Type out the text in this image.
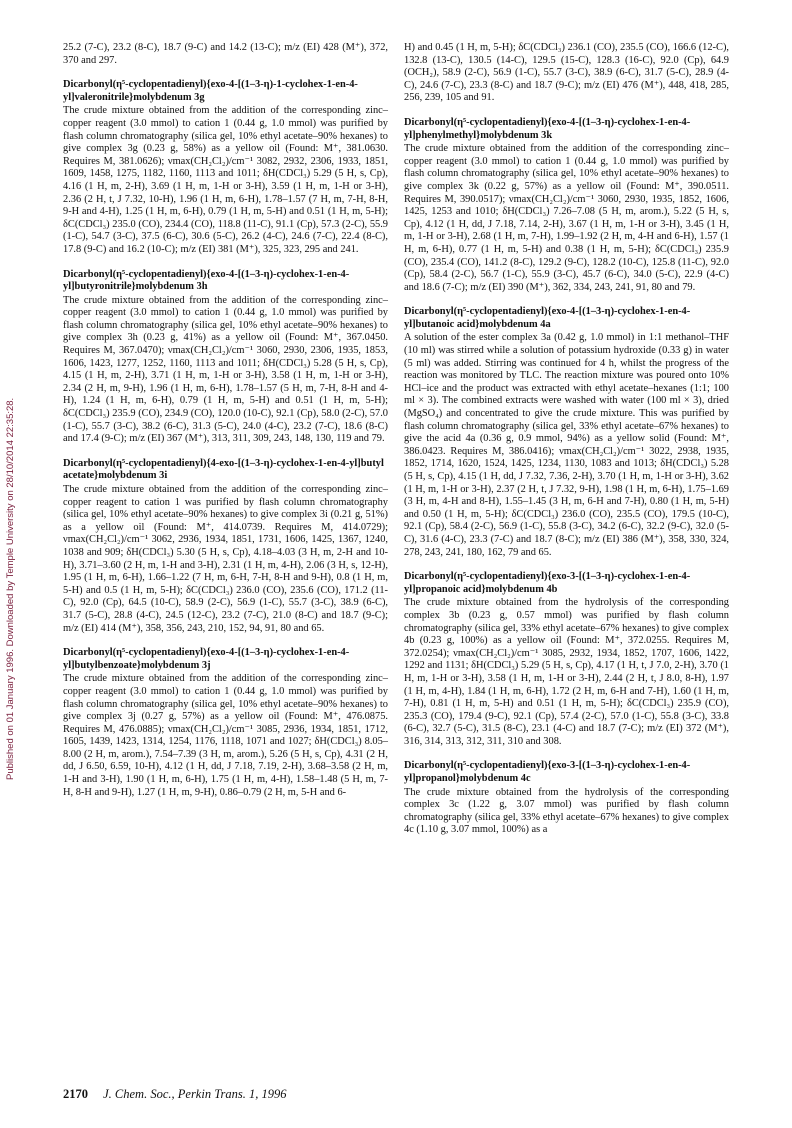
Published on 01 January 1996. Downloaded by Temple University on 28/10/2014 22:35:28.

25.2 (7-C), 23.2 (8-C), 18.7 (9-C) and 14.2 (13-C); m/z (EI) 428 (M⁺), 372, 370 and 297.

Dicarbonyl(η⁵-cyclopentadienyl){exo-4-[(1–3-η)-1-cyclohex-1-en-4-yl]valeronitrile}molybdenum 3g

The crude mixture obtained from the addition of the corresponding zinc–copper reagent (3.0 mmol) to cation 1 (0.44 g, 1.0 mmol) was purified by flash column chromatography (silica gel, 10% ethyl acetate–90% hexanes) to give complex 3g (0.23 g, 58%) as a yellow oil (Found: M⁺, 381.0630. Requires M, 381.0626); νmax(CH₂Cl₂)/cm⁻¹ 3082, 2932, 2306, 1933, 1851, 1609, 1458, 1275, 1182, 1160, 1113 and 1011; δH(CDCl₃) 5.29 (5 H, s, Cp), 4.16 (1 H, m, 2-H), 3.69 (1 H, m, 1-H or 3-H), 3.59 (1 H, m, 1-H or 3-H), 2.36 (2 H, t, J 7.32, 10-H), 1.96 (1 H, m, 6-H), 1.78–1.57 (7 H, m, 7-H, 8-H, 9-H and 4-H), 1.25 (1 H, m, 6-H), 0.79 (1 H, m, 5-H) and 0.51 (1 H, m, 5-H); δC(CDCl₃) 235.0 (CO), 234.4 (CO), 118.8 (11-C), 91.1 (Cp), 57.3 (2-C), 55.9 (1-C), 54.7 (3-C), 37.5 (6-C), 30.6 (5-C), 26.2 (4-C), 24.6 (7-C), 22.4 (8-C), 17.8 (9-C) and 16.2 (10-C); m/z (EI) 381 (M⁺), 325, 323, 295 and 241.

Dicarbonyl(η⁵-cyclopentadienyl){exo-4-[(1–3-η)-cyclohex-1-en-4-yl]butyronitrile}molybdenum 3h

The crude mixture obtained from the addition of the corresponding zinc–copper reagent (3.0 mmol) to cation 1 (0.44 g, 1.0 mmol) was purified by flash column chromatography (silica gel, 10% ethyl acetate–90% hexanes) to give complex 3h (0.23 g, 41%) as a yellow oil (Found: M⁺, 367.0450. Requires M, 367.0470); νmax(CH₂Cl₂)/cm⁻¹ 3060, 2930, 2306, 1935, 1853, 1606, 1423, 1277, 1252, 1160, 1113 and 1011; δH(CDCl₃) 5.28 (5 H, s, Cp), 4.15 (1 H, m, 2-H), 3.71 (1 H, m, 1-H or 3-H), 3.58 (1 H, m, 1-H or 3-H), 2.34 (2 H, m, 9-H), 1.96 (1 H, m, 6-H), 1.78–1.57 (5 H, m, 7-H, 8-H and 4-H), 1.24 (1 H, m, 6-H), 0.79 (1 H, m, 5-H) and 0.51 (1 H, m, 5-H); δC(CDCl₃) 235.9 (CO), 234.9 (CO), 120.0 (10-C), 92.1 (Cp), 58.0 (2-C), 57.0 (1-C), 55.7 (3-C), 38.2 (6-C), 31.3 (5-C), 24.0 (4-C), 23.2 (7-C), 18.6 (8-C) and 17.4 (9-C); m/z (EI) 367 (M⁺), 313, 311, 309, 243, 148, 130, 119 and 79.

Dicarbonyl(η⁵-cyclopentadienyl){4-exo-[(1–3-η)-cyclohex-1-en-4-yl]butyl acetate}molybdenum 3i

The crude mixture obtained from the addition of the corresponding zinc–copper reagent to cation 1 was purified by flash column chromatography (silica gel, 10% ethyl acetate–90% hexanes) to give complex 3i (0.21 g, 51%) as a yellow oil (Found: M⁺, 414.0739. Requires M, 414.0729); νmax(CH₂Cl₂)/cm⁻¹ 3062, 2936, 1934, 1851, 1731, 1606, 1425, 1367, 1240, 1038 and 909; δH(CDCl₃) 5.30 (5 H, s, Cp), 4.18–4.03 (3 H, m, 2-H and 10-H), 3.71–3.60 (2 H, m, 1-H and 3-H), 2.31 (1 H, m, 4-H), 2.06 (3 H, s, 12-H), 1.95 (1 H, m, 6-H), 1.66–1.22 (7 H, m, 6-H, 7-H, 8-H and 9-H), 0.8 (1 H, m, 5-H) and 0.5 (1 H, m, 5-H); δC(CDCl₃) 236.0 (CO), 235.6 (CO), 171.2 (11-C), 92.0 (Cp), 64.5 (10-C), 58.9 (2-C), 56.9 (1-C), 55.7 (3-C), 38.9 (6-C), 31.7 (5-C), 28.8 (4-C), 24.5 (12-C), 23.2 (7-C), 21.0 (8-C) and 18.7 (9-C); m/z (EI) 414 (M⁺), 358, 356, 243, 210, 152, 94, 91, 80 and 65.

Dicarbonyl(η⁵-cyclopentadienyl){exo-4-[(1–3-η)-cyclohex-1-en-4-yl]butylbenzoate}molybdenum 3j

The crude mixture obtained from the addition of the corresponding zinc–copper reagent (3.0 mmol) to cation 1 (0.44 g, 1.0 mmol) was purified by flash column chromatography (silica gel, 10% ethyl acetate–90% hexanes) to give complex 3j (0.27 g, 57%) as a yellow oil (Found: M⁺, 476.0875. Requires M, 476.0885); νmax(CH₂Cl₂)/cm⁻¹ 3085, 2936, 1934, 1851, 1712, 1605, 1439, 1423, 1314, 1254, 1176, 1118, 1071 and 1027; δH(CDCl₃) 8.05–8.00 (2 H, m, arom.), 7.54–7.39 (3 H, m, arom.), 5.26 (5 H, s, Cp), 4.31 (2 H, dd, J 6.50, 6.59, 10-H), 4.12 (1 H, dd, J 7.18, 7.19, 2-H), 3.68–3.58 (2 H, m, 1-H and 3-H), 1.90 (1 H, m, 6-H), 1.75 (1 H, m, 4-H), 1.58–1.48 (5 H, m, 7-H, 8-H and 9-H), 1.27 (1 H, m, 9-H), 0.86–0.79 (2 H, m, 5-H and 6-

H) and 0.45 (1 H, m, 5-H); δC(CDCl₃) 236.1 (CO), 235.5 (CO), 166.6 (12-C), 132.8 (13-C), 130.5 (14-C), 129.5 (15-C), 128.3 (16-C), 92.0 (Cp), 64.9 (OCH₂), 58.9 (2-C), 56.9 (1-C), 55.7 (3-C), 38.9 (6-C), 31.7 (5-C), 28.9 (4-C), 24.6 (7-C), 23.3 (8-C) and 18.7 (9-C); m/z (EI) 476 (M⁺), 448, 418, 285, 256, 239, 105 and 91.

Dicarbonyl(η⁵-cyclopentadienyl){exo-4-[(1–3-η)-cyclohex-1-en-4-yl]phenylmethyl}molybdenum 3k

The crude mixture obtained from the addition of the corresponding zinc–copper reagent (3.0 mmol) to cation 1 (0.44 g, 1.0 mmol) was purified by flash column chromatography (silica gel, 10% ethyl acetate–90% hexanes) to give complex 3k (0.22 g, 57%) as a yellow oil (Found: M⁺, 390.0511. Requires M, 390.0517); νmax(CH₂Cl₂)/cm⁻¹ 3060, 2930, 1935, 1852, 1606, 1425, 1253 and 1010; δH(CDCl₃) 7.26–7.08 (5 H, m, arom.), 5.22 (5 H, s, Cp), 4.12 (1 H, dd, J 7.18, 7.14, 2-H), 3.67 (1 H, m, 1-H or 3-H), 3.45 (1 H, m, 1-H or 3-H), 2.68 (1 H, m, 7-H), 1.99–1.92 (2 H, m, 4-H and 6-H), 1.57 (1 H, m, 6-H), 0.77 (1 H, m, 5-H) and 0.38 (1 H, m, 5-H); δC(CDCl₃) 235.9 (CO), 235.4 (CO), 141.2 (8-C), 129.2 (9-C), 128.2 (10-C), 125.8 (11-C), 92.0 (Cp), 58.4 (2-C), 56.7 (1-C), 55.9 (3-C), 45.7 (6-C), 34.0 (5-C), 22.9 (4-C) and 18.6 (7-C); m/z (EI) 390 (M⁺), 362, 334, 243, 241, 91, 80 and 79.

Dicarbonyl(η⁵-cyclopentadienyl){exo-4-[(1–3-η)-cyclohex-1-en-4-yl]butanoic acid}molybdenum 4a

A solution of the ester complex 3a (0.42 g, 1.0 mmol) in 1:1 methanol–THF (10 ml) was stirred while a solution of potassium hydroxide (0.33 g) in water (5 ml) was added. Stirring was continued for 4 h, whilst the progress of the reaction was monitored by TLC. The reaction mixture was poured onto 10% HCl–ice and the product was extracted with ethyl acetate–hexanes (1:1; 100 ml × 3). The combined extracts were washed with water (100 ml × 3), dried (MgSO₄) and concentrated to give the crude mixture. This was purified by flash column chromatography (silica gel, 33% ethyl acetate–67% hexanes) to give the acid 4a (0.36 g, 0.9 mmol, 94%) as a yellow solid (Found: M⁺, 386.0423. Requires M, 386.0416); νmax(CH₂Cl₂)/cm⁻¹ 3022, 2938, 1935, 1852, 1714, 1620, 1524, 1425, 1234, 1130, 1083 and 1013; δH(CDCl₃) 5.28 (5 H, s, Cp), 4.15 (1 H, dd, J 7.32, 7.36, 2-H), 3.70 (1 H, m, 1-H or 3-H), 3.62 (1 H, m, 1-H or 3-H), 2.37 (2 H, t, J 7.32, 9-H), 1.98 (1 H, m, 6-H), 1.75–1.69 (3 H, m, 4-H and 8-H), 1.55–1.45 (3 H, m, 6-H and 7-H), 0.80 (1 H, m, 5-H) and 0.50 (1 H, m, 5-H); δC(CDCl₃) 236.0 (CO), 235.5 (CO), 179.5 (10-C), 92.1 (Cp), 58.4 (2-C), 56.9 (1-C), 55.8 (3-C), 34.2 (6-C), 32.2 (9-C), 32.0 (5-C), 31.6 (4-C), 23.3 (7-C) and 18.7 (8-C); m/z (EI) 386 (M⁺), 358, 330, 324, 278, 243, 241, 180, 162, 79 and 65.

Dicarbonyl(η⁵-cyclopentadienyl){exo-3-[(1–3-η)-cyclohex-1-en-4-yl]propanoic acid}molybdenum 4b

The crude mixture obtained from the hydrolysis of the corresponding complex 3b (0.23 g, 0.57 mmol) was purified by flash column chromatography (silica gel, 33% ethyl acetate–67% hexanes) to give complex 4b (0.23 g, 100%) as a yellow oil (Found: M⁺, 372.0255. Requires M, 372.0254); νmax(CH₂Cl₂)/cm⁻¹ 3085, 2932, 1934, 1852, 1707, 1606, 1422, 1292 and 1131; δH(CDCl₃) 5.29 (5 H, s, Cp), 4.17 (1 H, t, J 7.0, 2-H), 3.70 (1 H, m, 1-H or 3-H), 3.58 (1 H, m, 1-H or 3-H), 2.44 (2 H, t, J 8.0, 8-H), 1.97 (1 H, m, 4-H), 1.84 (1 H, m, 6-H), 1.72 (2 H, m, 6-H and 7-H), 1.60 (1 H, m, 7-H), 0.81 (1 H, m, 5-H) and 0.51 (1 H, m, 5-H); δC(CDCl₃) 235.9 (CO), 235.3 (CO), 179.4 (9-C), 92.1 (Cp), 57.4 (2-C), 57.0 (1-C), 55.8 (3-C), 33.8 (6-C), 32.7 (5-C), 31.5 (8-C), 23.1 (4-C) and 18.7 (7-C); m/z (EI) 372 (M⁺), 316, 314, 313, 312, 311, 310 and 308.

Dicarbonyl(η⁵-cyclopentadienyl){exo-3-[(1–3-η)-cyclohex-1-en-4-yl]propanol}molybdenum 4c

The crude mixture obtained from the hydrolysis of the corresponding complex 3c (1.22 g, 3.07 mmol) was purified by flash column chromatography (silica gel, 33% ethyl acetate–67% hexanes) to give complex 4c (1.10 g, 3.07 mmol, 100%) as a

2170 J. Chem. Soc., Perkin Trans. 1, 1996
